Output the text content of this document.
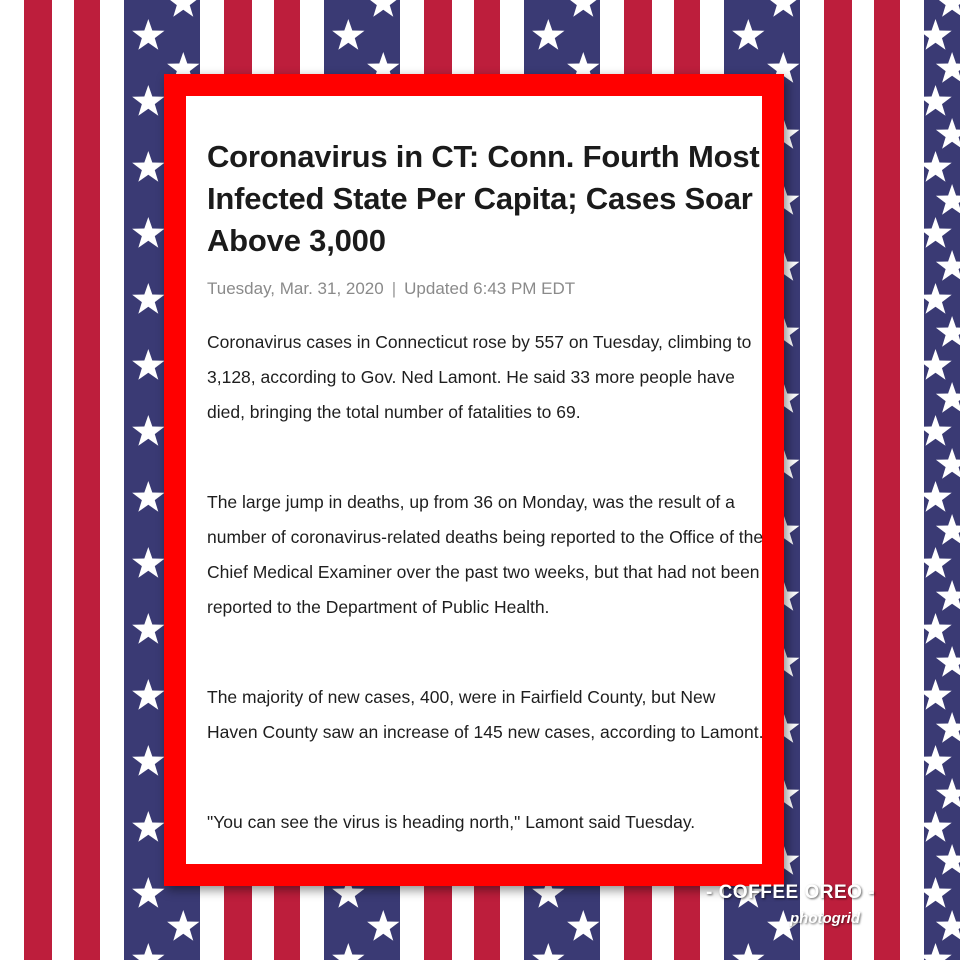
Coronavirus in CT: Conn. Fourth Most Infected State Per Capita; Cases Soar Above 3,000
Tuesday, Mar. 31, 2020 | Updated 6:43 PM EDT

Coronavirus cases in Connecticut rose by 557 on Tuesday, climbing to 3,128, according to Gov. Ned Lamont. He said 33 more people have died, bringing the total number of fatalities to 69.

The large jump in deaths, up from 36 on Monday, was the result of a number of coronavirus-related deaths being reported to the Office of the Chief Medical Examiner over the past two weeks, but that had not been reported to the Department of Public Health.

The majority of new cases, 400, were in Fairfield County, but New Haven County saw an increase of 145 new cases, according to Lamont.

"You can see the virus is heading north," Lamont said Tuesday.

- COFFEE OREO -
photogrid
